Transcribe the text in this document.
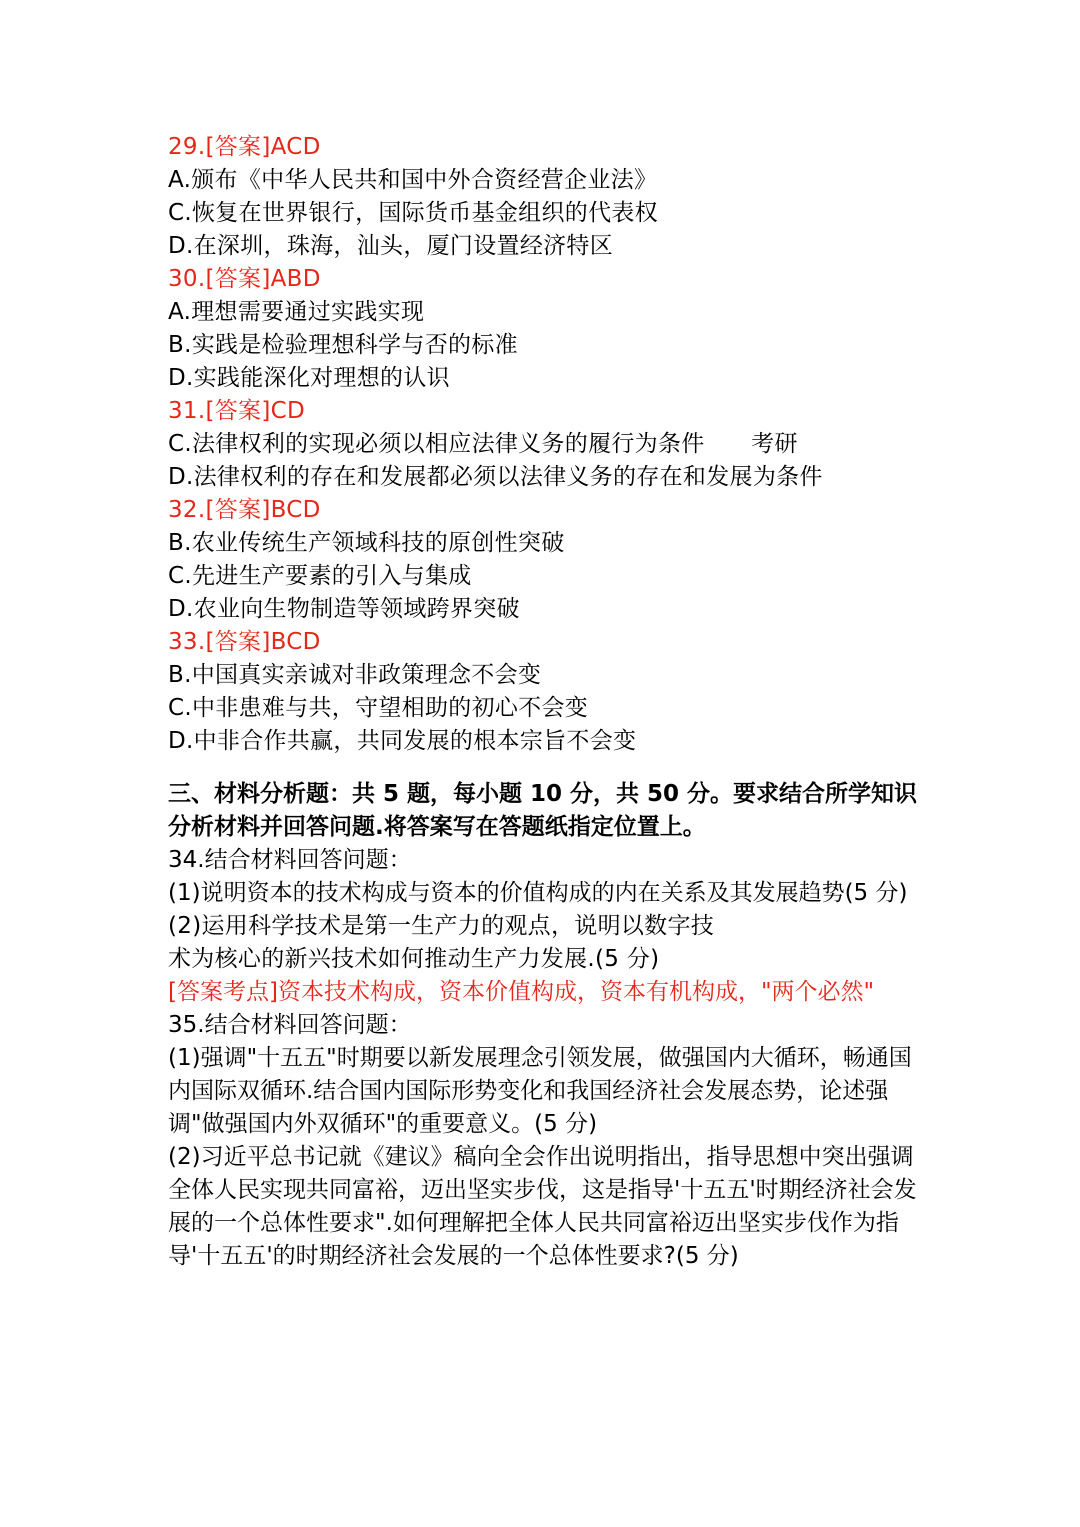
29.[答案]ACD
A.颁布《中华人民共和国中外合资经营企业法》
C.恢复在世界银行，国际货币基金组织的代表权
D.在深圳，珠海，汕头，厦门设置经济特区
30.[答案]ABD
A.理想需要通过实践实现
B.实践是检验理想科学与否的标准
D.实践能深化对理想的认识
31.[答案]CD
C.法律权利的实现必须以相应法律义务的履行为条件　　考研
D.法律权利的存在和发展都必须以法律义务的存在和发展为条件
32.[答案]BCD
B.农业传统生产领域科技的原创性突破
C.先进生产要素的引入与集成
D.农业向生物制造等领域跨界突破
33.[答案]BCD
B.中国真实亲诚对非政策理念不会变
C.中非患难与共，守望相助的初心不会变
D.中非合作共赢，共同发展的根本宗旨不会变
三、材料分析题：共 5 题，每小题 10 分，共 50 分。要求结合所学知识分析材料并回答问题.将答案写在答题纸指定位置上。
34.结合材料回答问题：
(1)说明资本的技术构成与资本的价值构成的内在关系及其发展趋势(5 分)
(2)运用科学技术是第一生产力的观点，说明以数字技
术为核心的新兴技术如何推动生产力发展.(5 分)
[答案考点]资本技术构成，资本价值构成，资本有机构成，"两个必然"
35.结合材料回答问题：
(1)强调"十五五"时期要以新发展理念引领发展，做强国内大循环，畅通国内国际双循环.结合国内国际形势变化和我国经济社会发展态势，论述强调"做强国内外双循环"的重要意义。(5 分)
(2)习近平总书记就《建议》稿向全会作出说明指出，指导思想中突出强调全体人民实现共同富裕，迈出坚实步伐，这是指导'十五五'时期经济社会发展的一个总体性要求".如何理解把全体人民共同富裕迈出坚实步伐作为指导'十五五'的时期经济社会发展的一个总体性要求?(5 分)
